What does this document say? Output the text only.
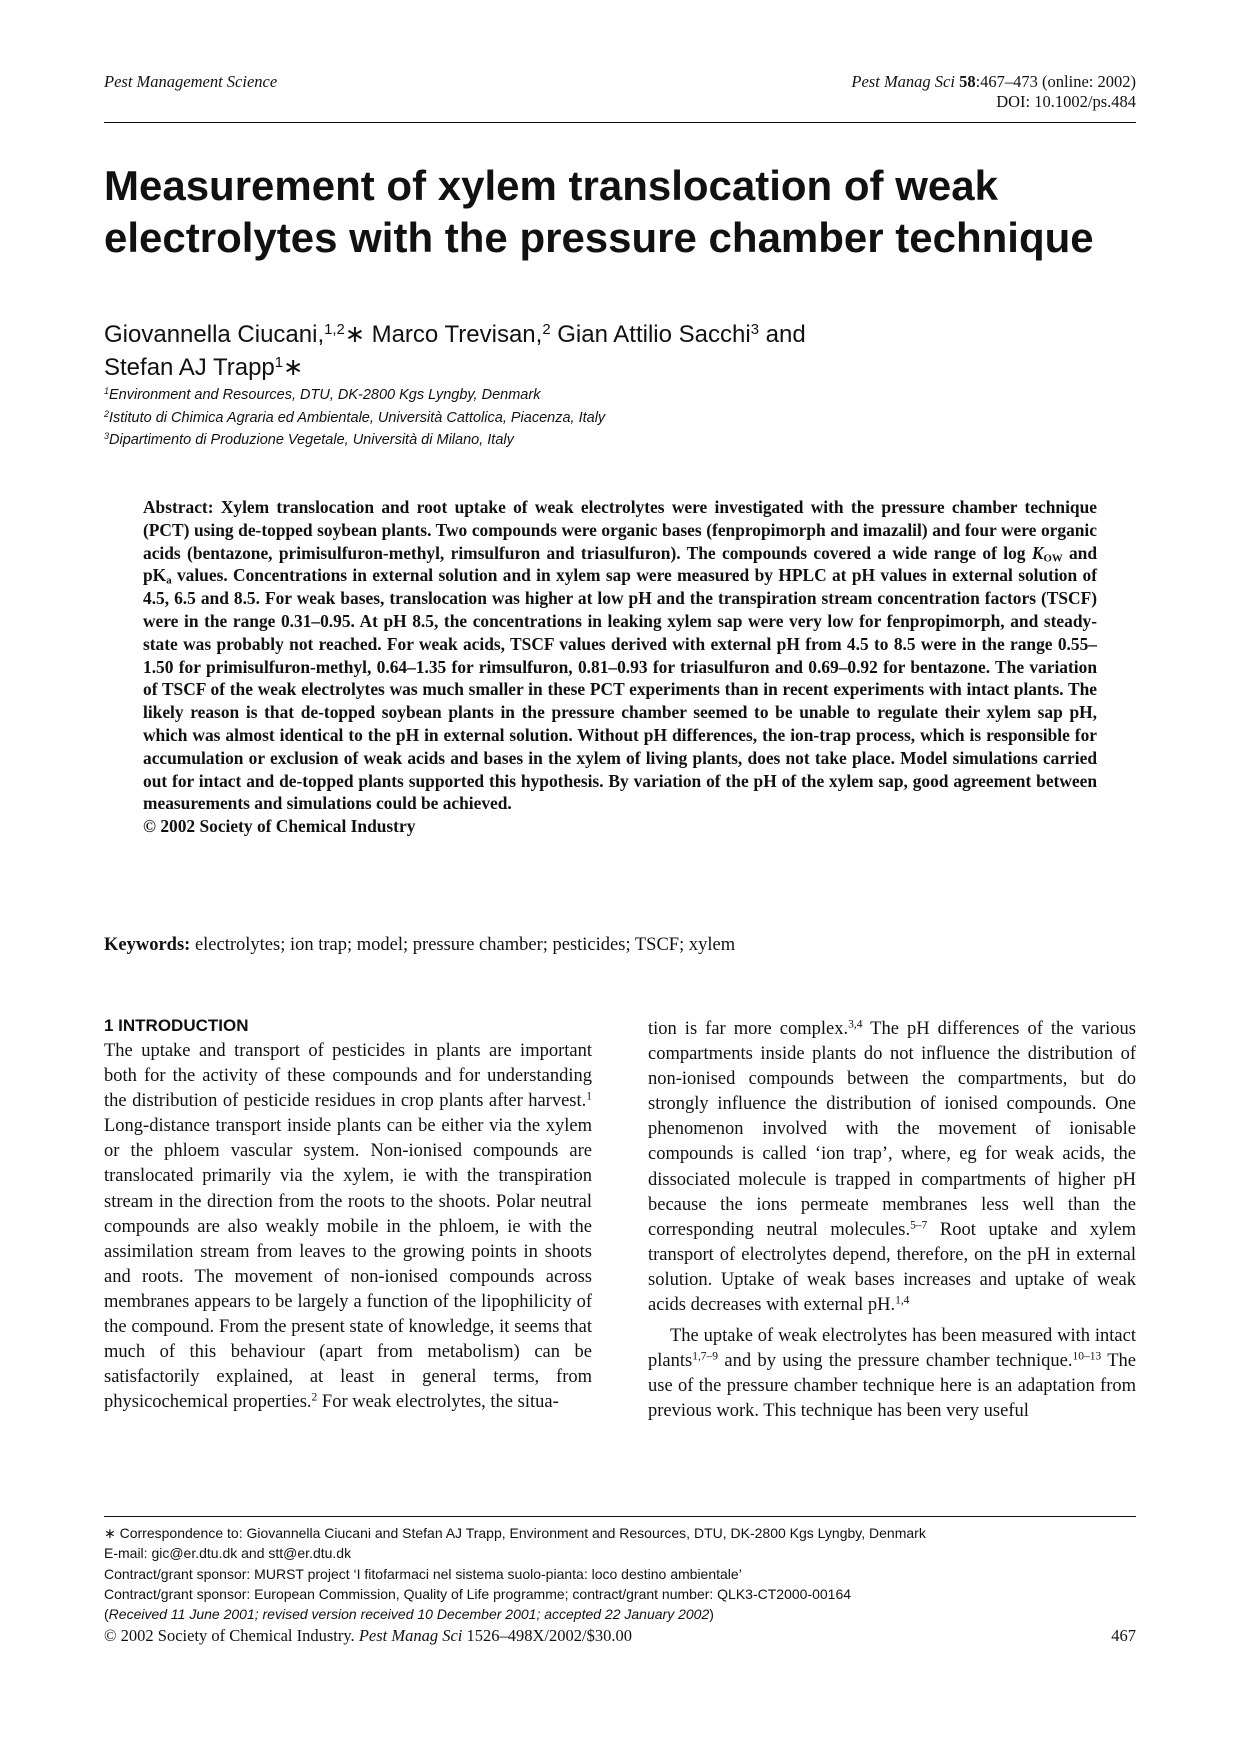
Pest Management Science	Pest Manag Sci 58:467–473 (online: 2002)
DOI: 10.1002/ps.484
Measurement of xylem translocation of weak electrolytes with the pressure chamber technique
Giovannella Ciucani,$^{1,2}$∗ Marco Trevisan,$^2$ Gian Attilio Sacchi$^3$ and
Stefan AJ Trapp$^1$∗
$^1$Environment and Resources, DTU, DK-2800 Kgs Lyngby, Denmark
$^2$Istituto di Chimica Agraria ed Ambientale, Università Cattolica, Piacenza, Italy
$^3$Dipartimento di Produzione Vegetale, Università di Milano, Italy
Abstract: Xylem translocation and root uptake of weak electrolytes were investigated with the pressure chamber technique (PCT) using de-topped soybean plants. Two compounds were organic bases (fenpropimorph and imazalil) and four were organic acids (bentazone, primisulfuron-methyl, rimsulfuron and triasulfuron). The compounds covered a wide range of $\log K_{OW}$ and $pK_a$ values. Concentrations in external solution and in xylem sap were measured by HPLC at pH values in external solution of 4.5, 6.5 and 8.5. For weak bases, translocation was higher at low pH and the transpiration stream concentration factors (TSCF) were in the range 0.31–0.95. At pH 8.5, the concentrations in leaking xylem sap were very low for fenpropimorph, and steady-state was probably not reached. For weak acids, TSCF values derived with external pH from 4.5 to 8.5 were in the range 0.55–1.50 for primisulfuron-methyl, 0.64–1.35 for rimsulfuron, 0.81–0.93 for triasulfuron and 0.69–0.92 for bentazone. The variation of TSCF of the weak electrolytes was much smaller in these PCT experiments than in recent experiments with intact plants. The likely reason is that de-topped soybean plants in the pressure chamber seemed to be unable to regulate their xylem sap pH, which was almost identical to the pH in external solution. Without pH differences, the ion-trap process, which is responsible for accumulation or exclusion of weak acids and bases in the xylem of living plants, does not take place. Model simulations carried out for intact and de-topped plants supported this hypothesis. By variation of the pH of the xylem sap, good agreement between measurements and simulations could be achieved.
© 2002 Society of Chemical Industry
Keywords: electrolytes; ion trap; model; pressure chamber; pesticides; TSCF; xylem
1 INTRODUCTION

The uptake and transport of pesticides in plants are important both for the activity of these compounds and for understanding the distribution of pesticide residues in crop plants after harvest.$^1$ Long-distance transport inside plants can be either via the xylem or the phloem vascular system. Non-ionised compounds are translocated primarily via the xylem, ie with the transpiration stream in the direction from the roots to the shoots. Polar neutral compounds are also weakly mobile in the phloem, ie with the assimilation stream from leaves to the growing points in shoots and roots. The movement of non-ionised compounds across membranes appears to be largely a function of the lipophilicity of the compound. From the present state of knowledge, it seems that much of this behaviour (apart from metabolism) can be satisfactorily explained, at least in general terms, from physicochemical properties.$^2$ For weak electrolytes, the situa-

tion is far more complex.$^{3,4}$ The pH differences of the various compartments inside plants do not influence the distribution of non-ionised compounds between the compartments, but do strongly influence the distribution of ionised compounds. One phenomenon involved with the movement of ionisable compounds is called ‘ion trap’, where, eg for weak acids, the dissociated molecule is trapped in compartments of higher pH because the ions permeate membranes less well than the corresponding neutral molecules.$^{5-7}$ Root uptake and xylem transport of electrolytes depend, therefore, on the pH in external solution. Uptake of weak bases increases and uptake of weak acids decreases with external pH.$^{1,4}$

The uptake of weak electrolytes has been measured with intact plants$^{1,7-9}$ and by using the pressure chamber technique.$^{10-13}$ The use of the pressure chamber technique here is an adaptation from previous work. This technique has been very useful

∗ Correspondence to: Giovannella Ciucani and Stefan AJ Trapp, Environment and Resources, DTU, DK-2800 Kgs Lyngby, Denmark
E-mail: gic@er.dtu.dk and stt@er.dtu.dk
Contract/grant sponsor: MURST project ‘I fitofarmaci nel sistema suolo-pianta: loco destino ambientale’
Contract/grant sponsor: European Commission, Quality of Life programme; contract/grant number: QLK3-CT2000-00164
(Received 11 June 2001; revised version received 10 December 2001; accepted 22 January 2002)
© 2002 Society of Chemical Industry. Pest Manag Sci 1526–498X/2002/$30.00	467
